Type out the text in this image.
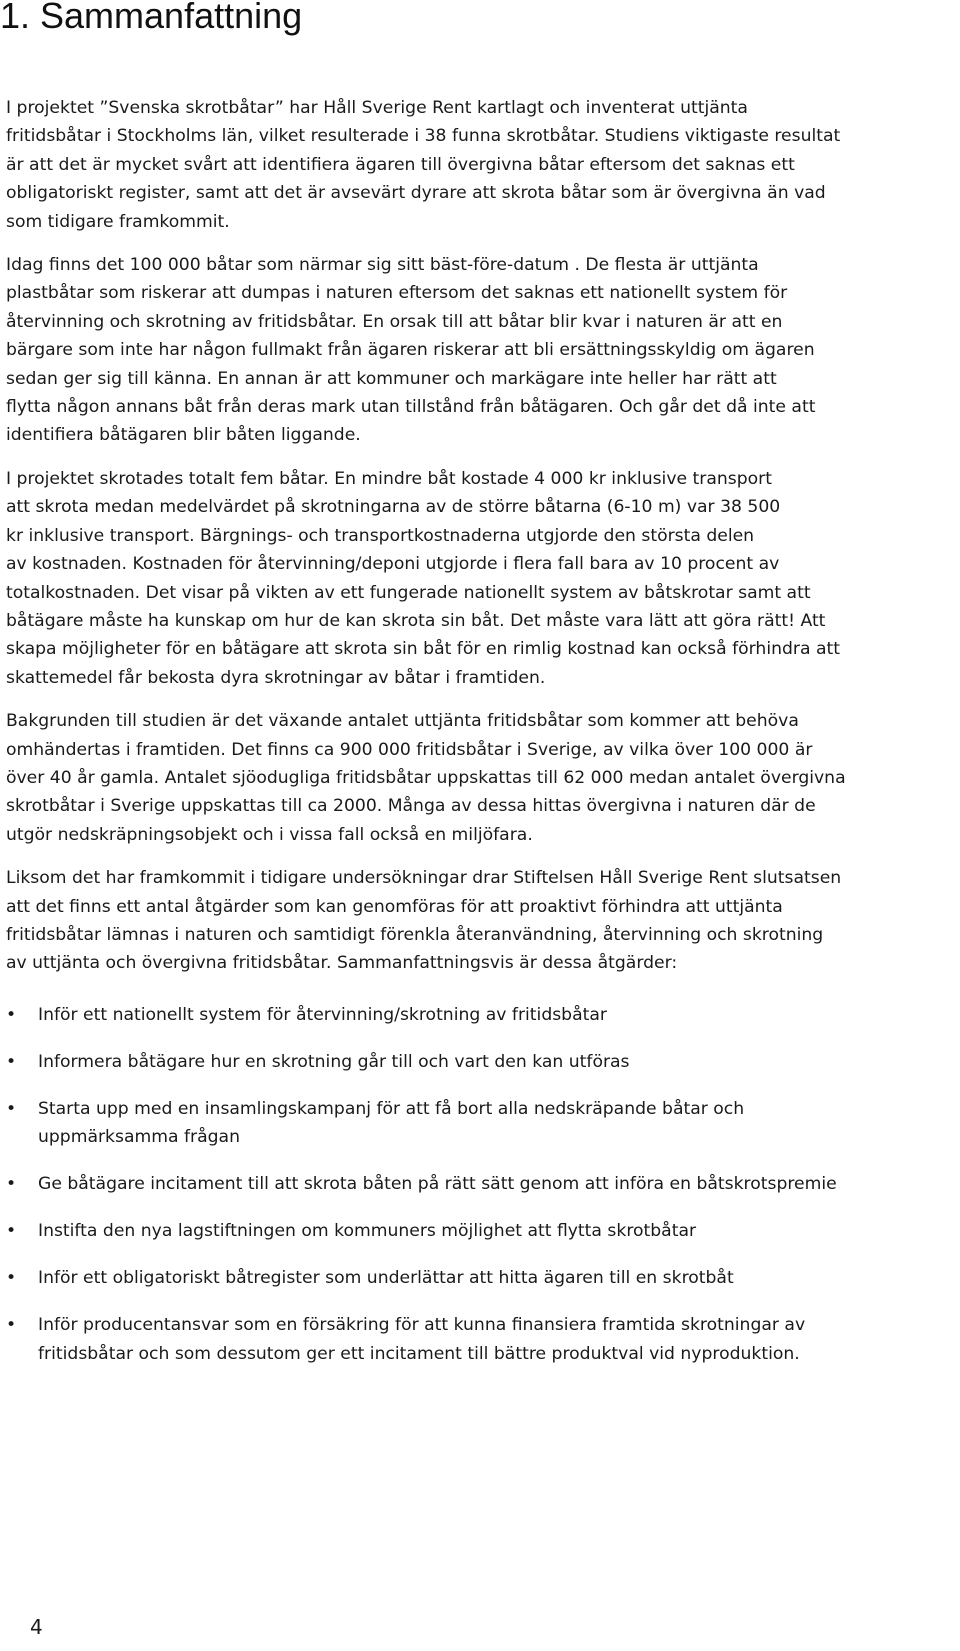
1. Sammanfattning

I projektet ”Svenska skrotbåtar” har Håll Sverige Rent kartlagt och inventerat uttjänta
fritidsbåtar i Stockholms län, vilket resulterade i 38 funna skrotbåtar. Studiens viktigaste resultat
är att det är mycket svårt att identifiera ägaren till övergivna båtar eftersom det saknas ett
obligatoriskt register, samt att det är avsevärt dyrare att skrota båtar som är övergivna än vad
som tidigare framkommit.

Idag finns det 100 000 båtar som närmar sig sitt bäst-före-datum . De flesta är uttjänta
plastbåtar som riskerar att dumpas i naturen eftersom det saknas ett nationellt system för
återvinning och skrotning av fritidsbåtar. En orsak till att båtar blir kvar i naturen är att en
bärgare som inte har någon fullmakt från ägaren riskerar att bli ersättningsskyldig om ägaren
sedan ger sig till känna. En annan är att kommuner och markägare inte heller har rätt att
flytta någon annans båt från deras mark utan tillstånd från båtägaren. Och går det då inte att
identifiera båtägaren blir båten liggande.

I projektet skrotades totalt fem båtar. En mindre båt kostade 4 000 kr inklusive transport
att skrota medan medelvärdet på skrotningarna av de större båtarna (6-10 m) var 38 500
kr inklusive transport. Bärgnings- och transportkostnaderna utgjorde den största delen
av kostnaden. Kostnaden för återvinning/deponi utgjorde i flera fall bara av 10 procent av
totalkostnaden. Det visar på vikten av ett fungerade nationellt system av båtskrotar samt att
båtägare måste ha kunskap om hur de kan skrota sin båt. Det måste vara lätt att göra rätt! Att
skapa möjligheter för en båtägare att skrota sin båt för en rimlig kostnad kan också förhindra att
skattemedel får bekosta dyra skrotningar av båtar i framtiden.

Bakgrunden till studien är det växande antalet uttjänta fritidsbåtar som kommer att behöva
omhändertas i framtiden. Det finns ca 900 000 fritidsbåtar i Sverige, av vilka över 100 000 är
över 40 år gamla. Antalet sjöodugliga fritidsbåtar uppskattas till 62 000 medan antalet övergivna
skrotbåtar i Sverige uppskattas till ca 2000. Många av dessa hittas övergivna i naturen där de
utgör nedskräpningsobjekt och i vissa fall också en miljöfara.

Liksom det har framkommit i tidigare undersökningar drar Stiftelsen Håll Sverige Rent slutsatsen
att det finns ett antal åtgärder som kan genomföras för att proaktivt förhindra att uttjänta
fritidsbåtar lämnas i naturen och samtidigt förenkla återanvändning, återvinning och skrotning
av uttjänta och övergivna fritidsbåtar. Sammanfattningsvis är dessa åtgärder:

• Inför ett nationellt system för återvinning/skrotning av fritidsbåtar
• Informera båtägare hur en skrotning går till och vart den kan utföras
• Starta upp med en insamlingskampanj för att få bort alla nedskräpande båtar och
uppmärksamma frågan
• Ge båtägare incitament till att skrota båten på rätt sätt genom att införa en båtskrotspremie
• Instifta den nya lagstiftningen om kommuners möjlighet att flytta skrotbåtar
• Inför ett obligatoriskt båtregister som underlättar att hitta ägaren till en skrotbåt
• Inför producentansvar som en försäkring för att kunna finansiera framtida skrotningar av
fritidsbåtar och som dessutom ger ett incitament till bättre produktval vid nyproduktion.
4
